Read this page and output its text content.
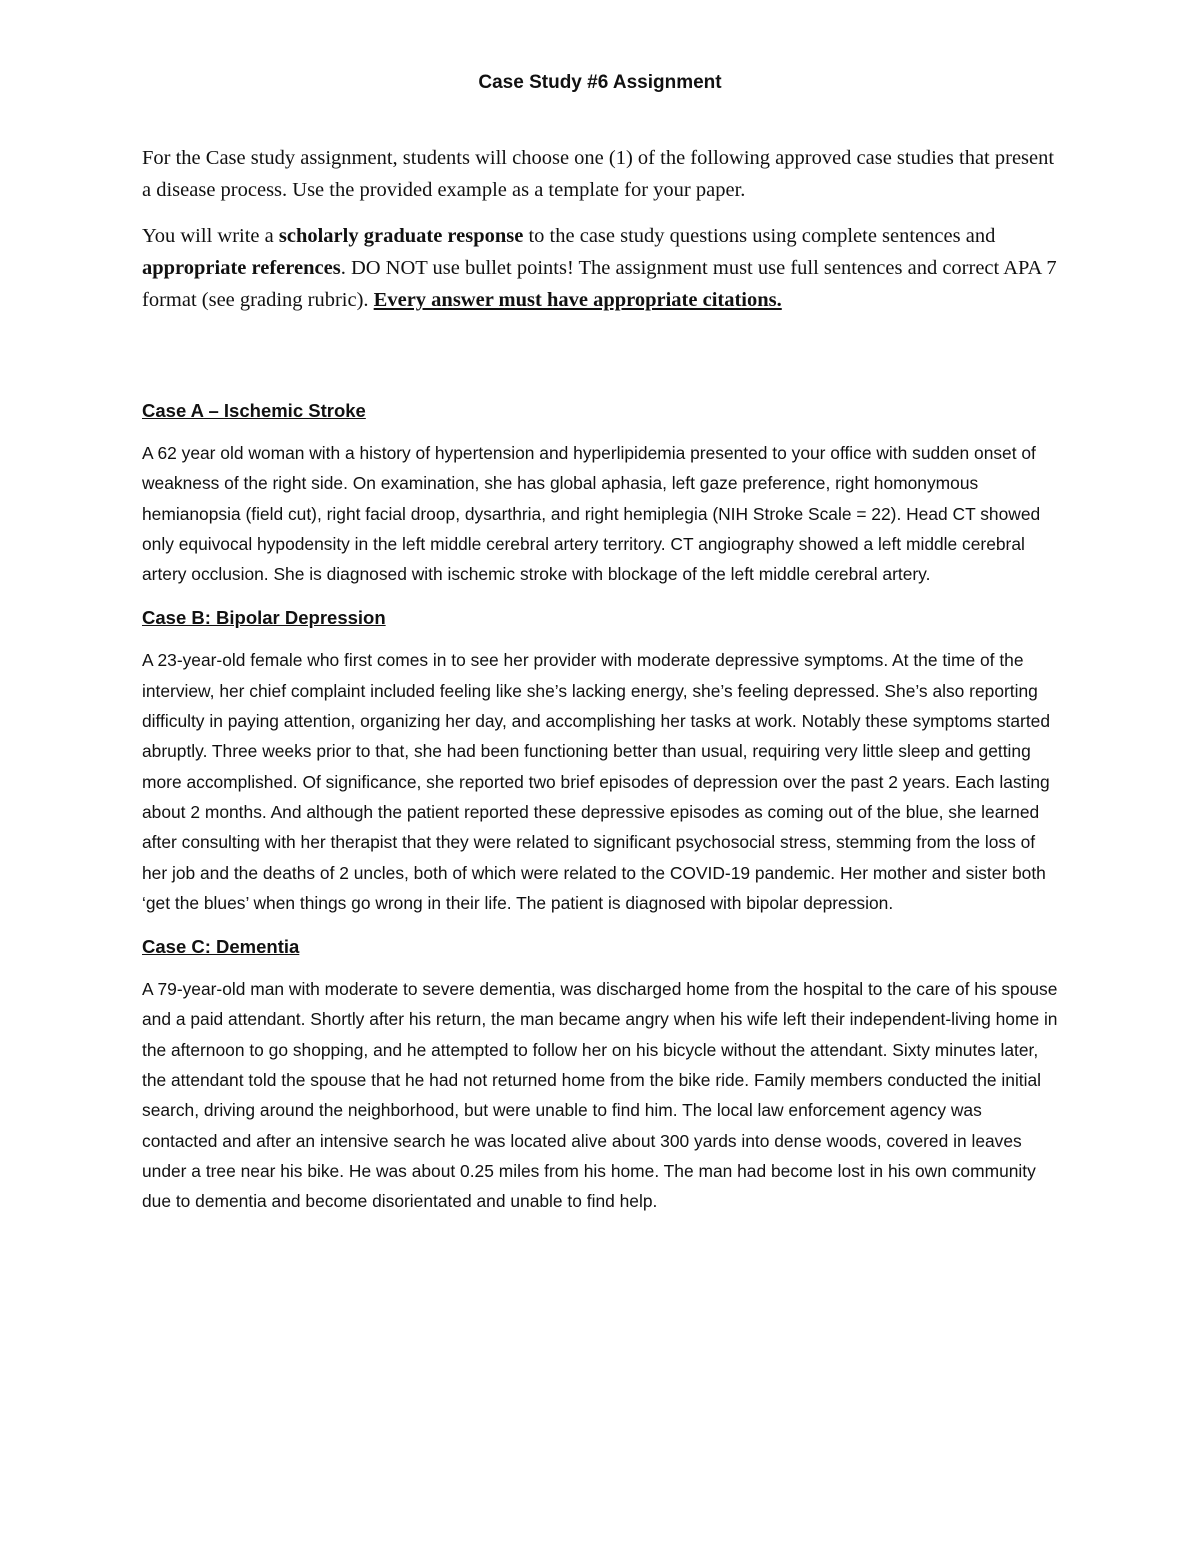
Case Study #6 Assignment

For the Case study assignment, students will choose one (1) of the following approved case studies that present a disease process. Use the provided example as a template for your paper.

You will write a scholarly graduate response to the case study questions using complete sentences and appropriate references. DO NOT use bullet points! The assignment must use full sentences and correct APA 7 format (see grading rubric). Every answer must have appropriate citations.

Case A – Ischemic Stroke

A 62 year old woman with a history of hypertension and hyperlipidemia presented to your office with sudden onset of weakness of the right side. On examination, she has global aphasia, left gaze preference, right homonymous hemianopsia (field cut), right facial droop, dysarthria, and right hemiplegia (NIH Stroke Scale = 22). Head CT showed only equivocal hypodensity in the left middle cerebral artery territory. CT angiography showed a left middle cerebral artery occlusion. She is diagnosed with ischemic stroke with blockage of the left middle cerebral artery.

Case B: Bipolar Depression

A 23-year-old female who first comes in to see her provider with moderate depressive symptoms. At the time of the interview, her chief complaint included feeling like she’s lacking energy, she’s feeling depressed. She’s also reporting difficulty in paying attention, organizing her day, and accomplishing her tasks at work. Notably these symptoms started abruptly. Three weeks prior to that, she had been functioning better than usual, requiring very little sleep and getting more accomplished. Of significance, she reported two brief episodes of depression over the past 2 years. Each lasting about 2 months. And although the patient reported these depressive episodes as coming out of the blue, she learned after consulting with her therapist that they were related to significant psychosocial stress, stemming from the loss of her job and the deaths of 2 uncles, both of which were related to the COVID-19 pandemic. Her mother and sister both ‘get the blues’ when things go wrong in their life. The patient is diagnosed with bipolar depression.

Case C: Dementia

A 79-year-old man with moderate to severe dementia, was discharged home from the hospital to the care of his spouse and a paid attendant. Shortly after his return, the man became angry when his wife left their independent-living home in the afternoon to go shopping, and he attempted to follow her on his bicycle without the attendant. Sixty minutes later, the attendant told the spouse that he had not returned home from the bike ride. Family members conducted the initial search, driving around the neighborhood, but were unable to find him. The local law enforcement agency was contacted and after an intensive search he was located alive about 300 yards into dense woods, covered in leaves under a tree near his bike. He was about 0.25 miles from his home. The man had become lost in his own community due to dementia and become disorientated and unable to find help.
